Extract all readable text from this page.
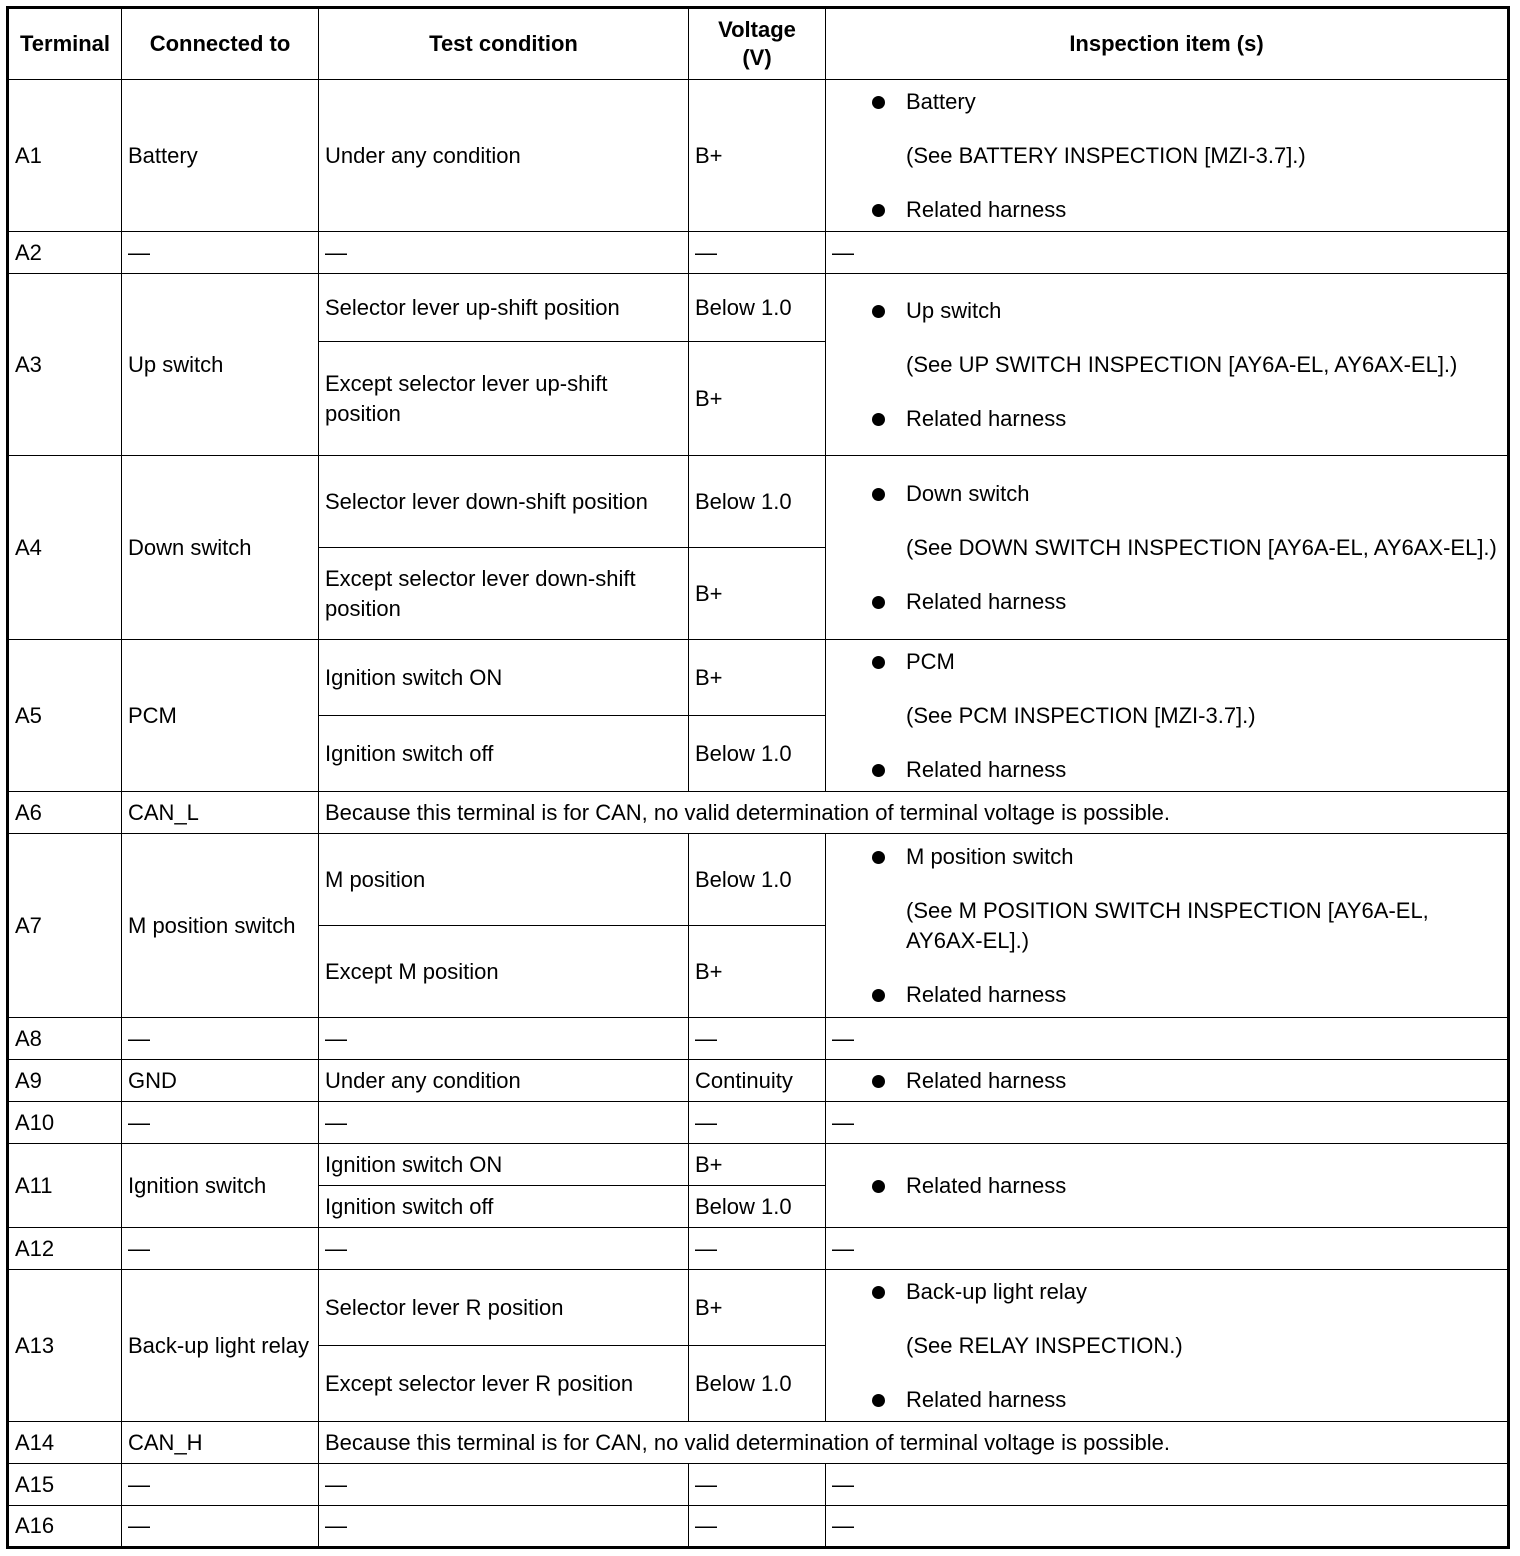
Terminal	Connected to	Test condition	Voltage (V)	Inspection item (s)
A1	Battery	Under any condition	B+	Battery
(See BATTERY INSPECTION [MZI-3.7].)
Related harness

A2	—	—	—	—
A3	Up switch	Selector lever up-shift position	Below 1.0	Up switch
(See UP SWITCH INSPECTION [AY6A-EL, AY6AX-EL].)
Related harness

		Except selector lever up-shift position	B+	
A4	Down switch	Selector lever down-shift position	Below 1.0	Down switch
(See DOWN SWITCH INSPECTION [AY6A-EL, AY6AX-EL].)
Related harness

		Except selector lever down-shift position	B+	
A5	PCM	Ignition switch ON	B+	PCM
(See PCM INSPECTION [MZI-3.7].)
Related harness

		Ignition switch off	Below 1.0	
A6	CAN_L	Because this terminal is for CAN, no valid determination of terminal voltage is possible.		
A7	M position switch	M position	Below 1.0	M position switch
(See M POSITION SWITCH INSPECTION [AY6A-EL, AY6AX-EL].)
Related harness

		Except M position	B+	
A8	—	—	—	—
A9	GND	Under any condition	Continuity	Related harness

A10	—	—	—	—
A11	Ignition switch	Ignition switch ON	B+	Related harness

		Ignition switch off	Below 1.0	
A12	—	—	—	—
A13	Back-up light relay	Selector lever R position	B+	Back-up light relay
(See RELAY INSPECTION.)
Related harness

		Except selector lever R position	Below 1.0	
A14	CAN_H	Because this terminal is for CAN, no valid determination of terminal voltage is possible.		
A15	—	—	—	—
A16	—	—	—	—
